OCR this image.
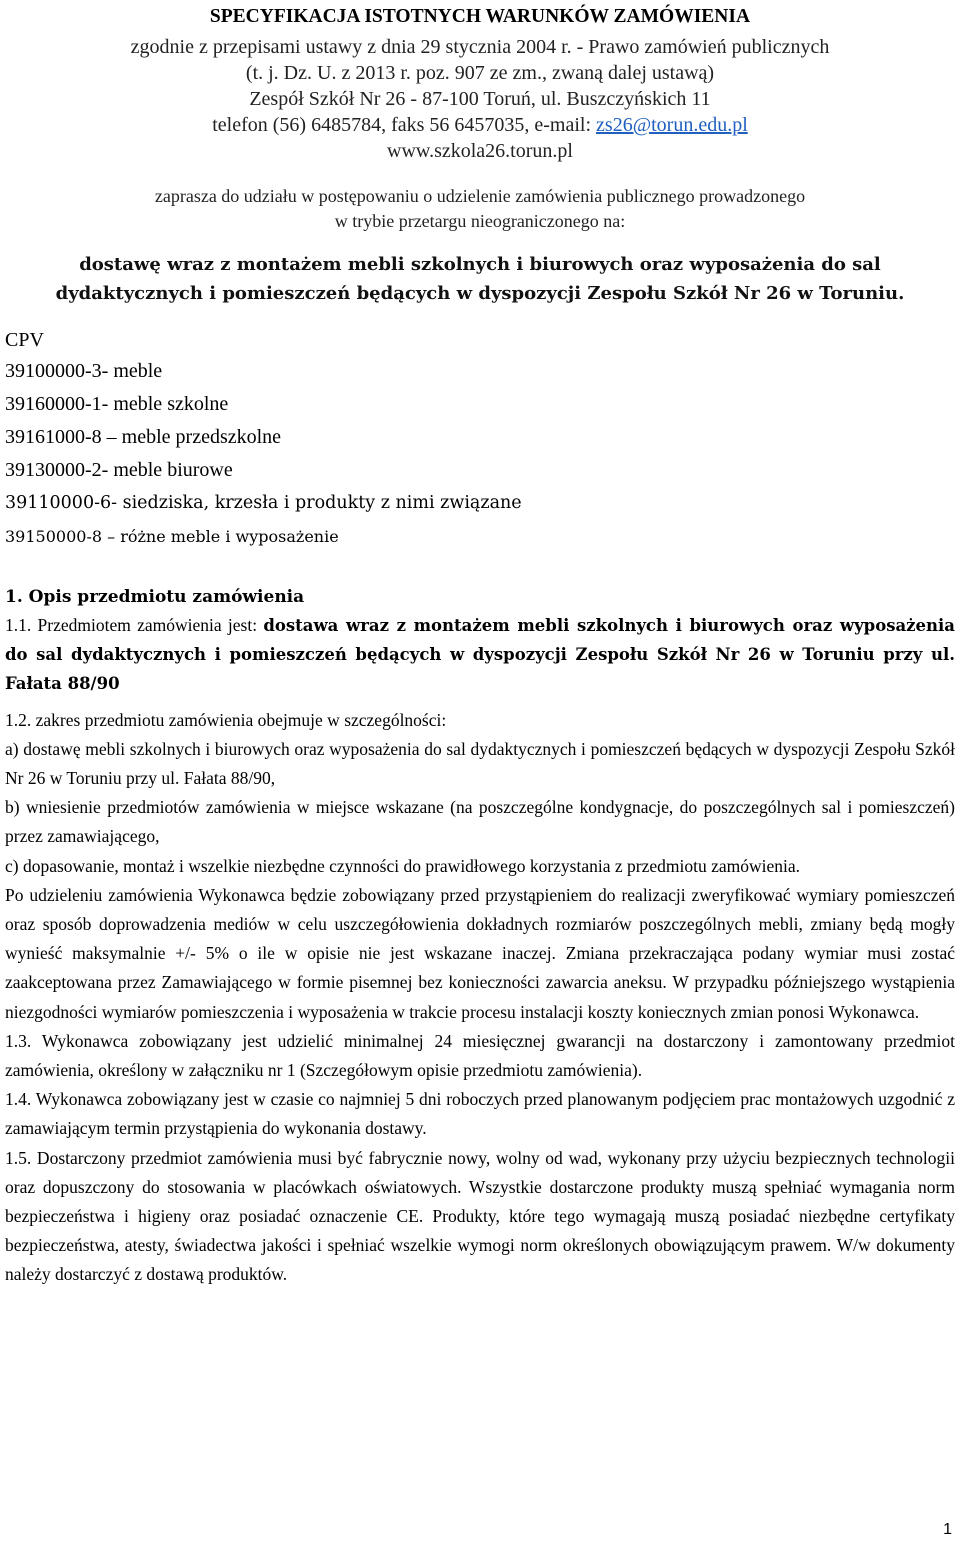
SPECYFIKACJA ISTOTNYCH WARUNKÓW ZAMÓWIENIA
zgodnie z przepisami ustawy z dnia 29 stycznia 2004 r. - Prawo zamówień publicznych
(t. j. Dz. U. z 2013 r. poz. 907 ze zm., zwaną dalej ustawą)
Zespół Szkół Nr 26 - 87-100 Toruń, ul. Buszczyńskich 11
telefon (56) 6485784, faks 56 6457035, e-mail: zs26@torun.edu.pl
www.szkola26.torun.pl
zaprasza do udziału w postępowaniu o udzielenie zamówienia publicznego prowadzonego
w trybie przetargu nieograniczonego na:
dostawę wraz z montażem mebli szkolnych i biurowych oraz wyposażenia do sal
dydaktycznych i pomieszczeń będących w dyspozycji Zespołu Szkół Nr 26 w Toruniu.
CPV
39100000-3- meble
39160000-1- meble szkolne
39161000-8 – meble przedszkolne
39130000-2- meble biurowe
39110000-6- siedziska, krzesła i produkty z nimi związane
39150000-8 – różne meble i wyposażenie
1. Opis przedmiotu zamówienia

1.1. Przedmiotem zamówienia jest: dostawa wraz z montażem mebli szkolnych i biurowych oraz wyposażenia do sal dydaktycznych i pomieszczeń będących w dyspozycji Zespołu Szkół Nr 26 w Toruniu przy ul. Fałata 88/90

1.2. zakres przedmiotu zamówienia obejmuje w szczególności:

a) dostawę mebli szkolnych i biurowych oraz wyposażenia do sal dydaktycznych i pomieszczeń będących w dyspozycji Zespołu Szkół Nr 26 w Toruniu przy ul. Fałata 88/90,

b) wniesienie przedmiotów zamówienia w miejsce wskazane (na poszczególne kondygnacje, do poszczególnych sal i pomieszczeń) przez zamawiającego,

c) dopasowanie, montaż i wszelkie niezbędne czynności do prawidłowego korzystania z przedmiotu zamówienia.

Po udzieleniu zamówienia Wykonawca będzie zobowiązany przed przystąpieniem do realizacji zweryfikować wymiary pomieszczeń oraz sposób doprowadzenia mediów w celu uszczegółowienia dokładnych rozmiarów poszczególnych mebli, zmiany będą mogły wynieść maksymalnie +/- 5% o ile w opisie nie jest wskazane inaczej. Zmiana przekraczająca podany wymiar musi zostać zaakceptowana przez Zamawiającego w formie pisemnej bez konieczności zawarcia aneksu. W przypadku późniejszego wystąpienia niezgodności wymiarów pomieszczenia i wyposażenia w trakcie procesu instalacji koszty koniecznych zmian ponosi Wykonawca.

1.3. Wykonawca zobowiązany jest udzielić minimalnej 24 miesięcznej gwarancji na dostarczony i zamontowany przedmiot zamówienia, określony w załączniku nr 1 (Szczegółowym opisie przedmiotu zamówienia).

1.4. Wykonawca zobowiązany jest w czasie co najmniej 5 dni roboczych przed planowanym podjęciem prac montażowych uzgodnić z zamawiającym termin przystąpienia do wykonania dostawy.

1.5. Dostarczony przedmiot zamówienia musi być fabrycznie nowy, wolny od wad, wykonany przy użyciu bezpiecznych technologii oraz dopuszczony do stosowania w placówkach oświatowych. Wszystkie dostarczone produkty muszą spełniać wymagania norm bezpieczeństwa i higieny oraz posiadać oznaczenie CE. Produkty, które tego wymagają muszą posiadać niezbędne certyfikaty bezpieczeństwa, atesty, świadectwa jakości i spełniać wszelkie wymogi norm określonych obowiązującym prawem. W/w dokumenty należy dostarczyć z dostawą produktów.

1
